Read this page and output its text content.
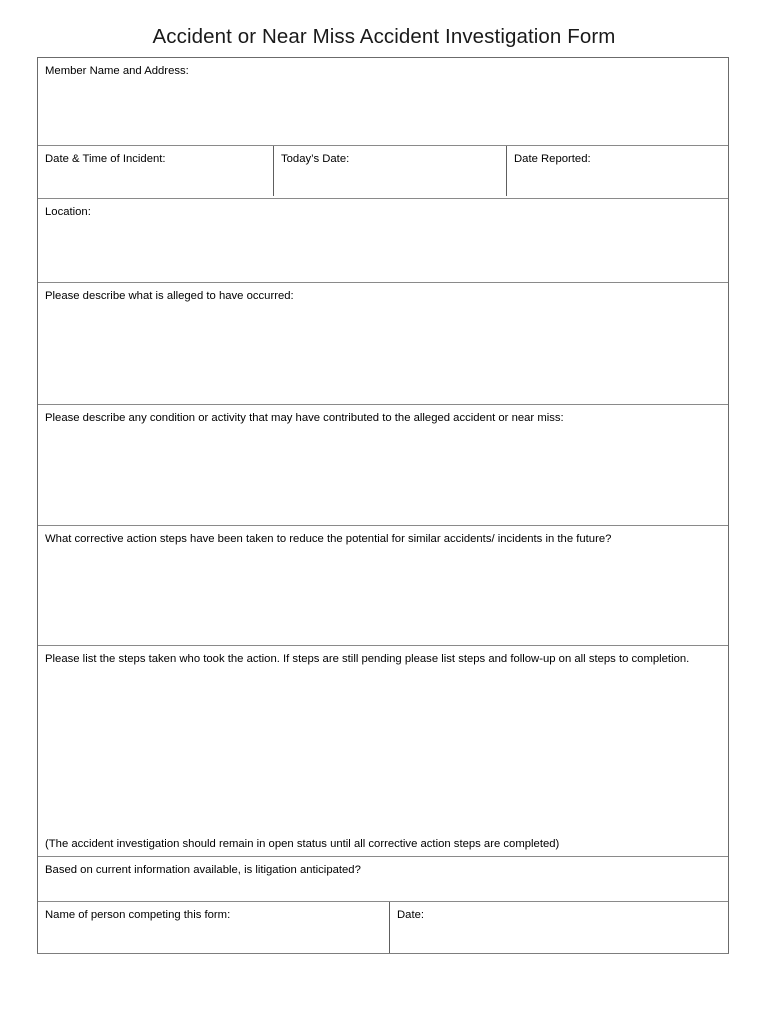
Accident or Near Miss Accident Investigation Form
Member Name and Address:
Date & Time of Incident:	Today’s Date:	Date Reported:
Location:
Please describe what is alleged to have occurred:
Please describe any condition or activity that may have contributed to the alleged accident or near miss:
What corrective action steps have been taken to reduce the potential for similar accidents/ incidents in the future?
Please list the steps taken who took the action. If steps are still pending please list steps and follow-up on all steps to completion.
(The accident investigation should remain in open status until all corrective action steps are completed)
Based on current information available, is litigation anticipated?
Name of person competing this form:	Date:
